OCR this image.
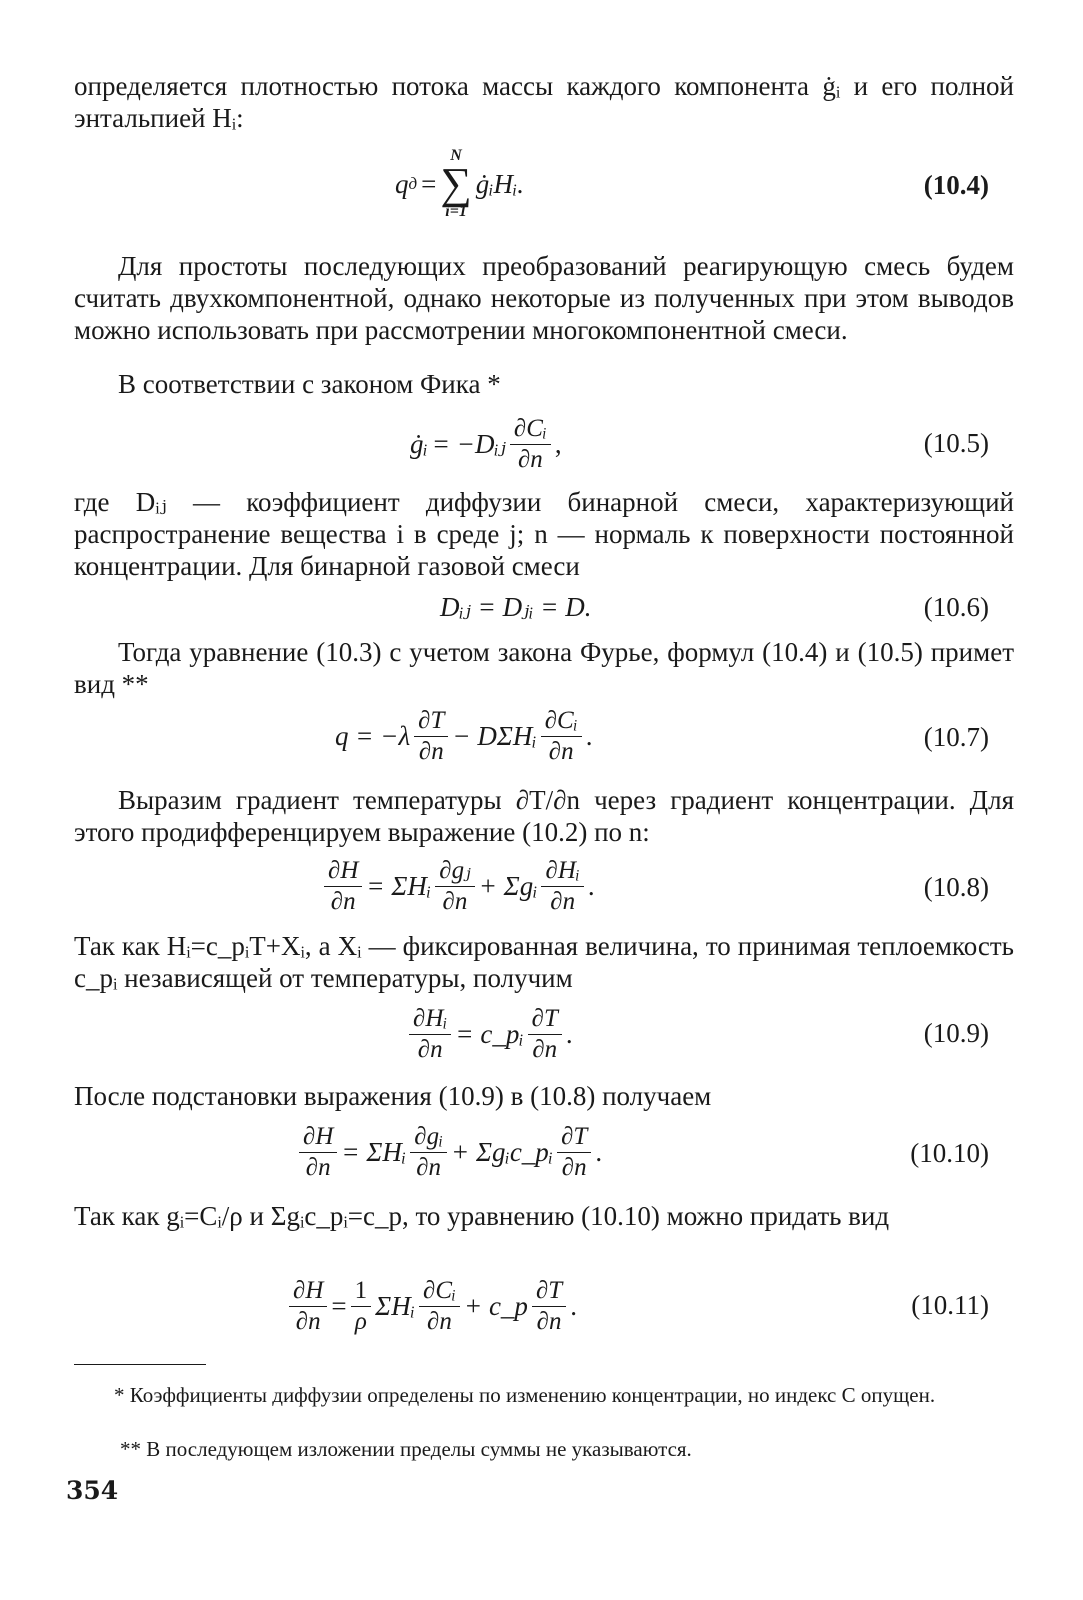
определяется плотностью потока массы каждого компонента ġᵢ и его полной энтальпией Hᵢ:

q д =
N
∑
i=1
ġᵢHᵢ.	(10.4)

Для простоты последующих преобразований реагирующую смесь будем считать двухкомпонентной, однако некоторые из полученных при этом выводов можно использовать при рассмотрении многокомпонентной смеси.

В соответствии с законом Фика *

ġᵢ = −Dᵢⱼ $\frac{\text{∂Cᵢ}}{\partial n}$ ,	(10.5)

где Dᵢⱼ — коэффициент диффузии бинарной смеси, характеризующий распространение вещества i в среде j; n — нормаль к поверхности постоянной концентрации. Для бинарной газовой смеси

Dᵢⱼ = Dⱼᵢ = D.	(10.6)

Тогда уравнение (10.3) с учетом закона Фурье, формул (10.4) и (10.5) примет вид **

$q = -\lambda \frac{\partial T}{\partial n}$ − DΣHᵢ $\frac{\text{∂Cᵢ}}{\partial n}$ .	(10.7)

Выразим градиент температуры ∂T/∂n через градиент концентрации. Для этого продифференцируем выражение (10.2) по n:

$\frac{\partial H}{\partial n}$ = ΣHᵢ $\frac{\text{∂gⱼ}}{\partial n}$ + Σgᵢ $\frac{\text{∂Hᵢ}}{\partial n}$ .	(10.8)

Так как Hᵢ=c_pᵢT+Xᵢ, а Xᵢ — фиксированная величина, то принимая теплоемкость c_pᵢ независящей от температуры, получим

$\frac{\text{∂Hᵢ}}{\partial n}$ = c_pᵢ $\frac{\partial T}{\partial n}$ .	(10.9)

После подстановки выражения (10.9) в (10.8) получаем

$\frac{\partial H}{\partial n}$ = ΣHᵢ $\frac{\text{∂gᵢ}}{\partial n}$ + Σgᵢc_pᵢ $\frac{\partial T}{\partial n}$ .	(10.10)

Так как gᵢ=Cᵢ/ρ и Σgᵢc_pᵢ=c_p, то уравнению (10.10) можно придать вид

$\frac{\partial H}{\partial n} = \frac{1}{\rho}$ ΣHᵢ $\frac{\text{∂Cᵢ}}{\partial n}$ + c_p $\frac{\partial T}{\partial n}$ .	(10.11)

* Коэффициенты диффузии определены по изменению концентрации, но индекс C опущен.

** В последующем изложении пределы суммы не указываются.

354
